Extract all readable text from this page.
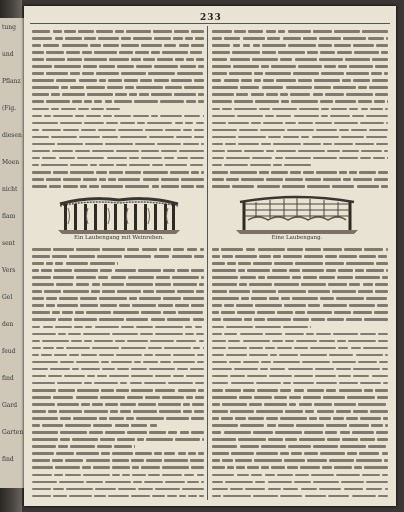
tung
und
Pflanz
(Fig.
diesen
Moen
nicht
flam
sent
Vers
Gel
den
feud
find
Gard
Garten
find
233
Ein Laubengang mit Weinreben.	Eine Laubengang.
